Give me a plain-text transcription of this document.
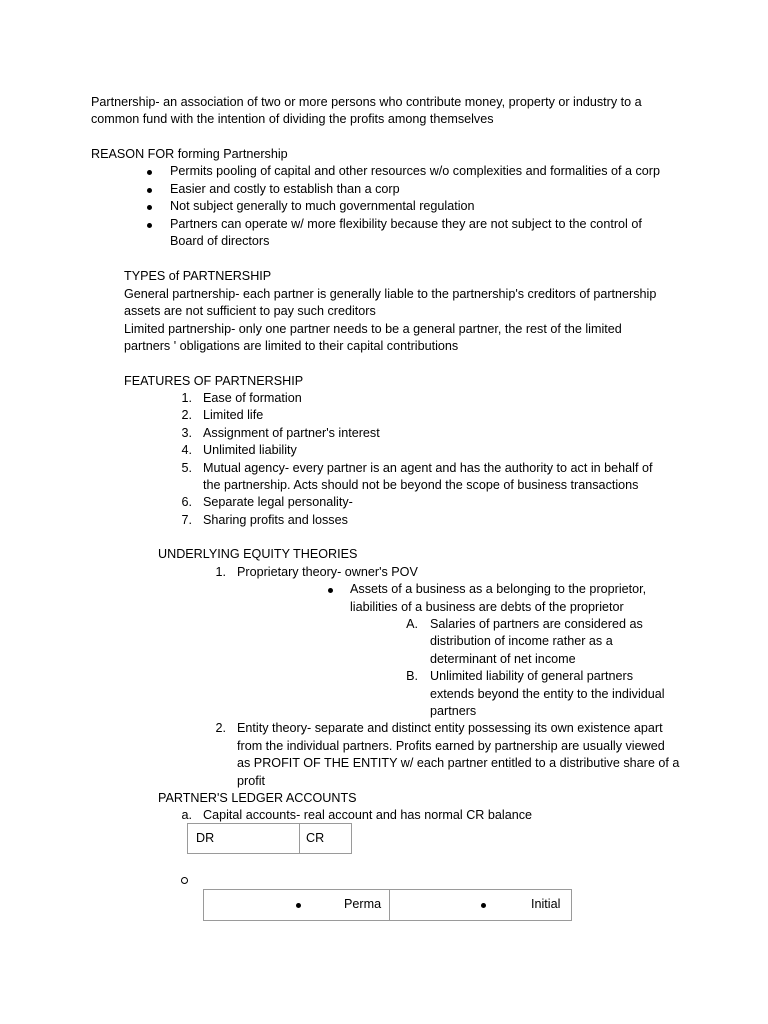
Partnership- an association of two or more persons who contribute money, property or industry to a
common fund with the intention of dividing the profits among themselves
REASON FOR forming Partnership
Permits pooling of capital and other resources w/o complexities and formalities of a corp
Easier and costly to establish than a corp
Not subject generally to much governmental regulation
Partners can operate w/ more flexibility because they are not subject to the control of
Board of directors
TYPES of PARTNERSHIP
General partnership- each partner is generally liable to the partnership's creditors of partnership
assets are not sufficient to pay such creditors
Limited partnership- only one partner needs to be a general partner, the rest of the limited
partners ' obligations are limited to their capital contributions
FEATURES OF PARTNERSHIP
1. Ease of formation
2. Limited life
3. Assignment of partner's interest
4. Unlimited liability
5. Mutual agency- every partner is an agent and has the authority to act in behalf of
the partnership. Acts should not be beyond the scope of business transactions
6. Separate legal personality-
7. Sharing profits and losses
UNDERLYING EQUITY THEORIES
1. Proprietary theory- owner's POV
Assets of a business as a belonging to the proprietor,
liabilities of a business are debts of the proprietor
A. Salaries of partners are considered as
distribution of income rather as a
determinant of net income
B. Unlimited liability of general partners
extends beyond the entity to the individual
partners
2. Entity theory- separate and distinct entity possessing its own existence apart
from the individual partners. Profits earned by partnership are usually viewed
as PROFIT OF THE ENTITY w/ each partner entitled to a distributive share of a
profit
PARTNER'S LEDGER ACCOUNTS
a. Capital accounts- real account and has normal CR balance
DR	CR
Perma	Initial
